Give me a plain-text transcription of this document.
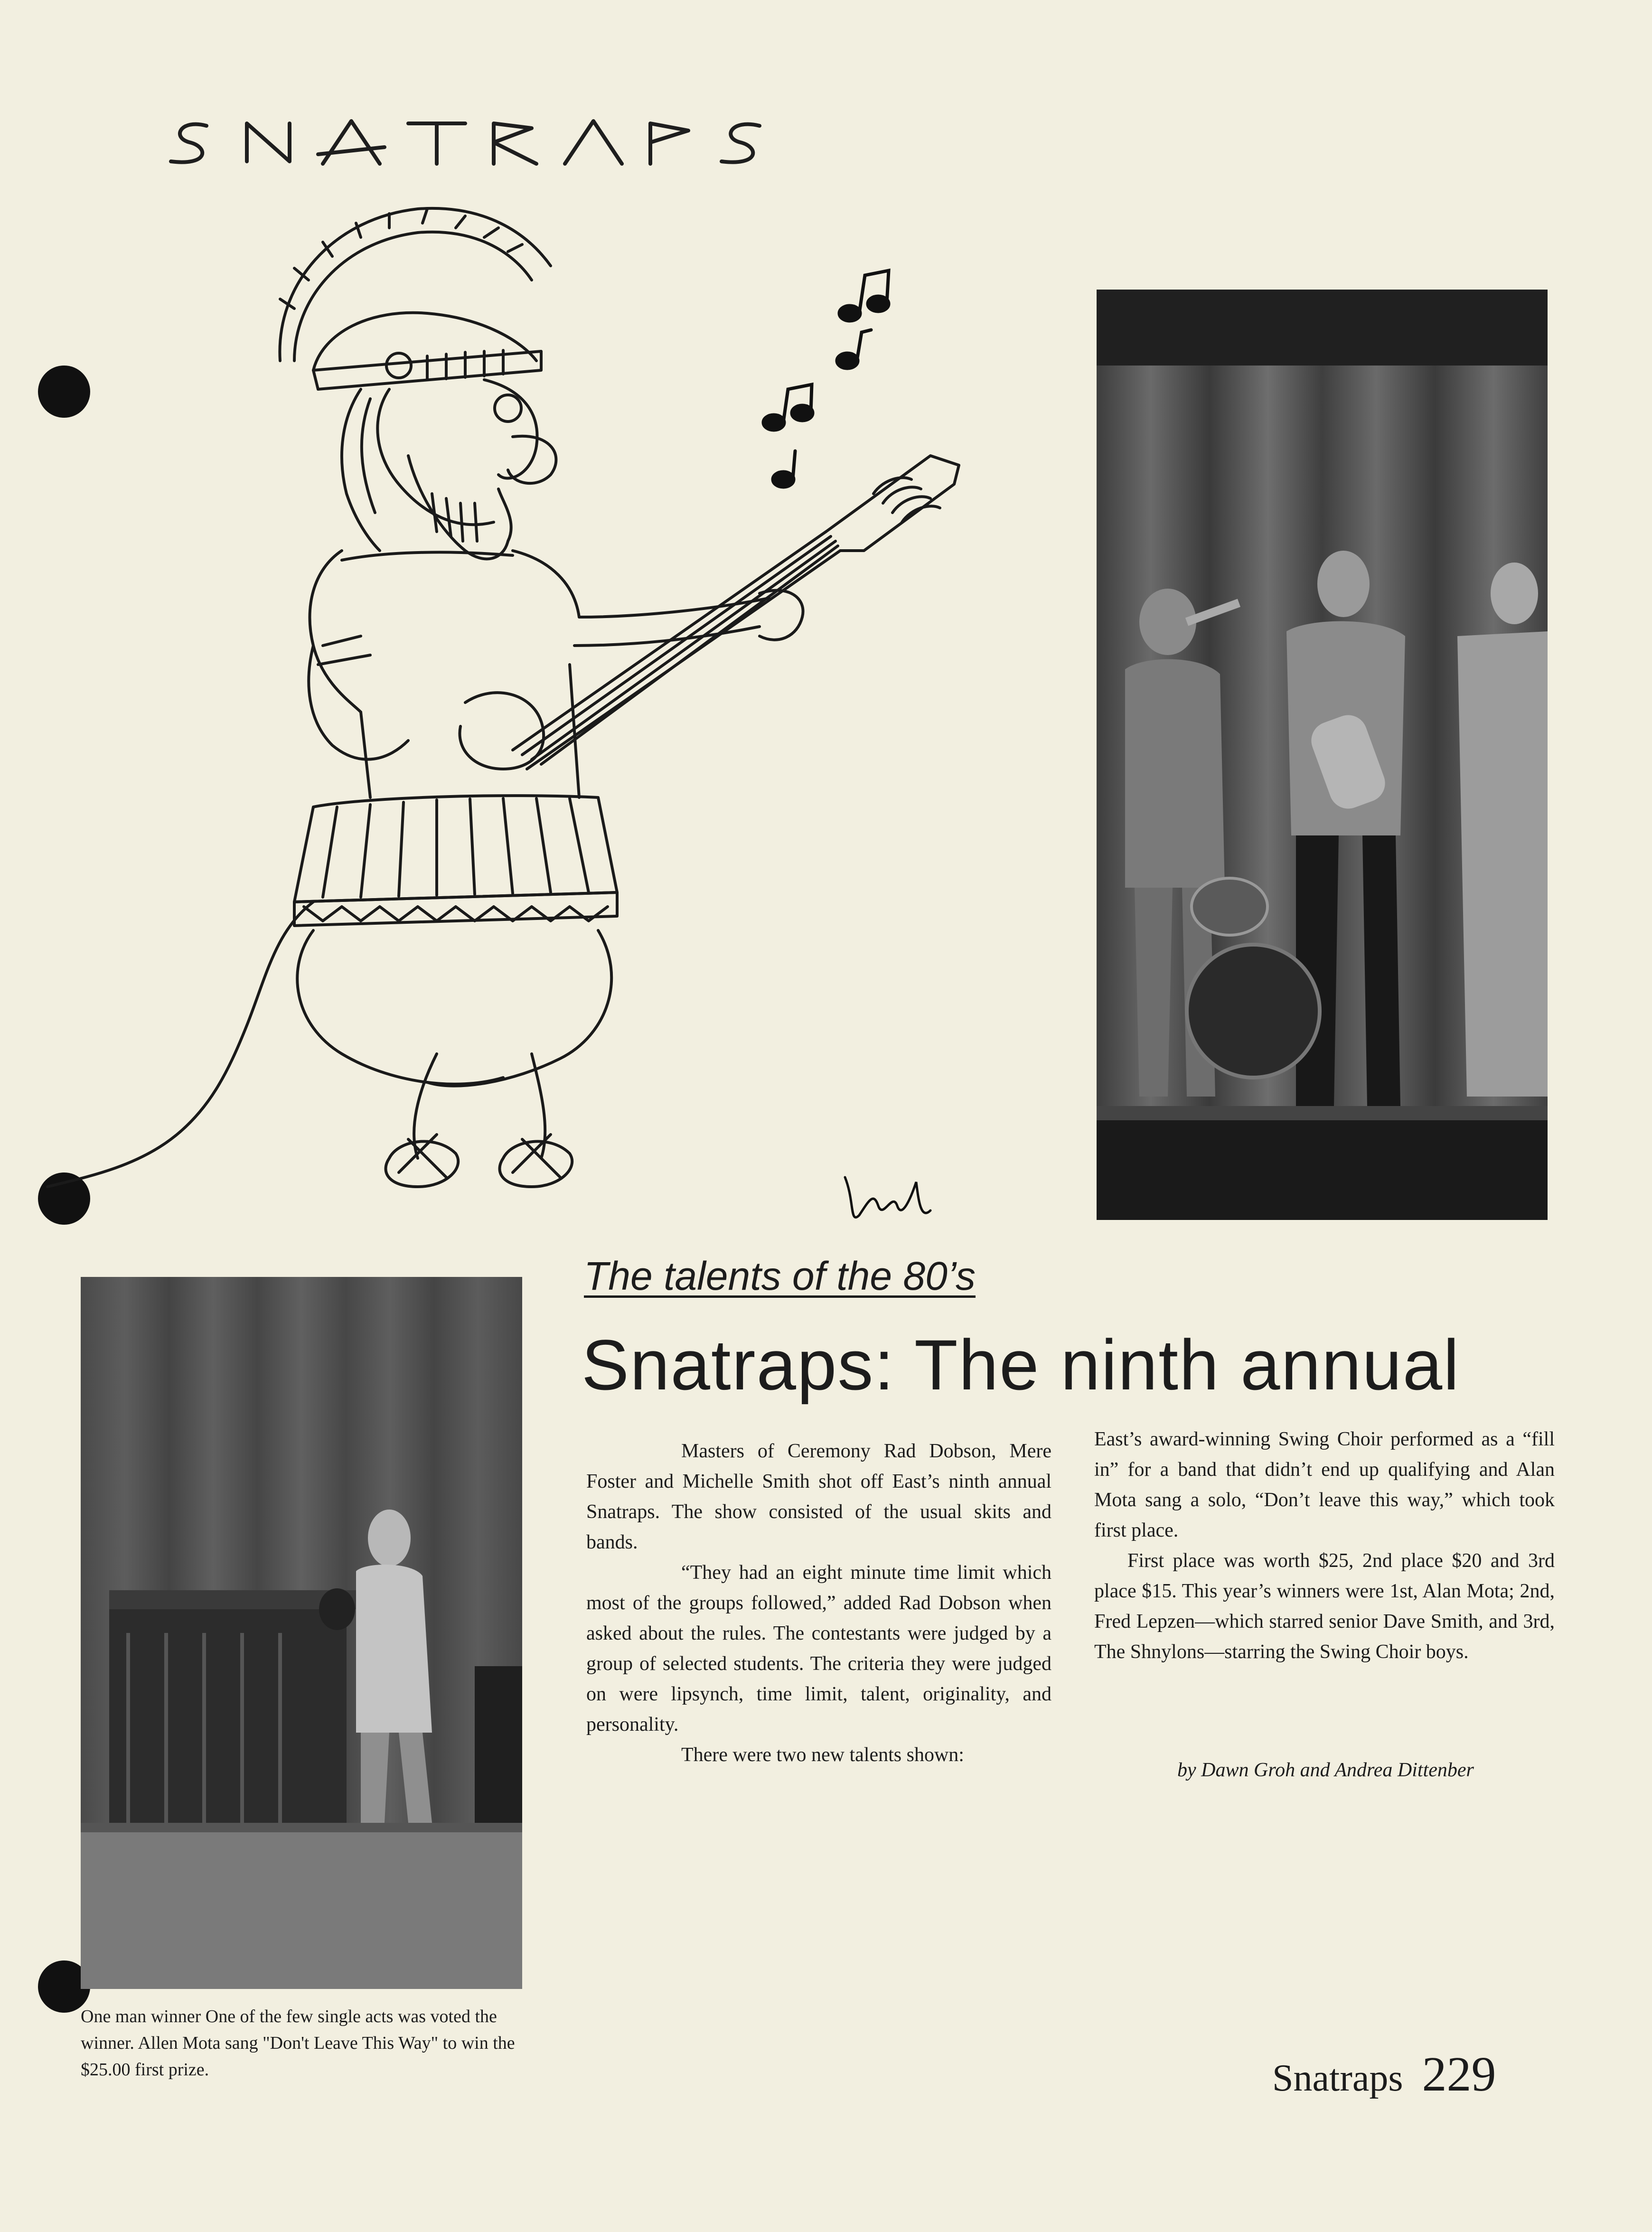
The talents of the 80’s
Snatraps: The ninth annual

Masters of Ceremony Rad Dobson, Mere Foster and Michelle Smith shot off East’s ninth annual Snatraps. The show consisted of the usual skits and bands.

“They had an eight minute time limit which most of the groups followed,” added Rad Dobson when asked about the rules. The contestants were judged by a group of selected students. The criteria they were judged on were lipsynch, time limit, talent, originality, and personality.

There were two new talents shown:

East’s award-winning Swing Choir performed as a “fill in” for a band that didn’t end up qualifying and Alan Mota sang a solo, “Don’t leave this way,” which took first place.

First place was worth $25, 2nd place $20 and 3rd place $15. This year’s winners were 1st, Alan Mota; 2nd, Fred Lepzen—which starred senior Dave Smith, and 3rd, The Shnylons—starring the Swing Choir boys.

by Dawn Groh and Andrea Dittenber
One man winner One of the few single acts was voted the winner. Allen Mota sang "Don't Leave This Way" to win the $25.00 first prize.	Snatraps 229
